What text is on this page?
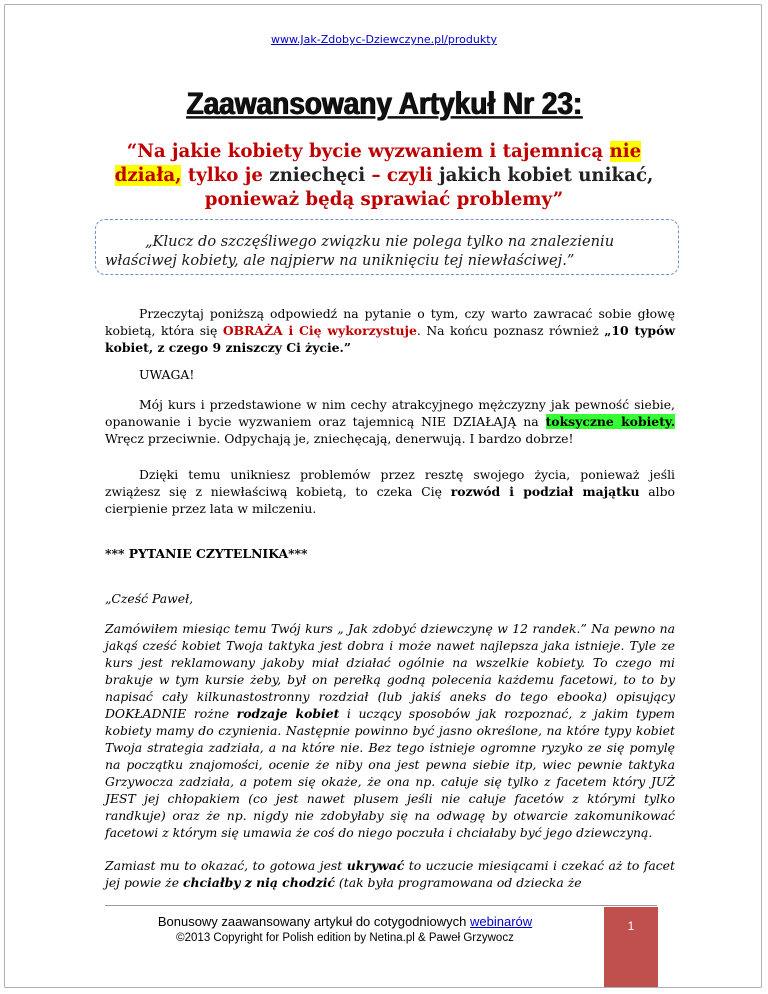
www.Jak-Zdobyc-Dziewczyne.pl/produkty
Zaawansowany Artykuł Nr 23:
“Na jakie kobiety bycie wyzwaniem i tajemnicą nie działa, tylko je zniechęci – czyli jakich kobiet unikać, ponieważ będą sprawiać problemy”
„Klucz do szczęśliwego związku nie polega tylko na znalezieniu
właściwej kobiety, ale najpierw na uniknięciu tej niewłaściwej.”
Przeczytaj poniższą odpowiedź na pytanie o tym, czy warto zawracać sobie głowę kobietą, która się OBRAŻA i Cię wykorzystuje. Na końcu poznasz również „10 typów kobiet, z czego 9 zniszczy Ci życie.”
UWAGA!
Mój kurs i przedstawione w nim cechy atrakcyjnego mężczyzny jak pewność siebie, opanowanie i bycie wyzwaniem oraz tajemnicą NIE DZIAŁAJĄ na toksyczne kobiety. Wręcz przeciwnie. Odpychają je, zniechęcają, denerwują. I bardzo dobrze!
Dzięki temu unikniesz problemów przez resztę swojego życia, ponieważ jeśli zwiążesz się z niewłaściwą kobietą, to czeka Cię rozwód i podział majątku albo cierpienie przez lata w milczeniu.
*** PYTANIE CZYTELNIKA***
„Cześć Paweł,
Zamówiłem miesiąc temu Twój kurs „ Jak zdobyć dziewczynę w 12 randek.” Na pewno na jakąś cześć kobiet Twoja taktyka jest dobra i może nawet najlepsza jaka istnieje. Tyle ze kurs jest reklamowany jakoby miał działać ogólnie na wszelkie kobiety. To czego mi brakuje w tym kursie żeby, był on perełką godną polecenia każdemu facetowi, to to by napisać cały kilkunastostronny rozdział (lub jakiś aneks do tego ebooka) opisujący DOKŁADNIE rożne rodzaje kobiet i uczący sposobów jak rozpoznać, z jakim typem kobiety mamy do czynienia. Następnie powinno być jasno określone, na które typy kobiet Twoja strategia zadziała, a na które nie. Bez tego istnieje ogromne ryzyko ze się pomylę na początku znajomości, ocenie że niby ona jest pewna siebie itp, wiec pewnie taktyka Grzywocza zadziała, a potem się okaże, że ona np. całuje się tylko z facetem który JUŻ JEST jej chłopakiem (co jest nawet plusem jeśli nie całuje facetów z którymi tylko randkuje) oraz że np. nigdy nie zdobyłaby się na odwagę by otwarcie zakomunikować facetowi z którym się umawia że coś do niego poczuła i chciałaby być jego dziewczyną.
Zamiast mu to okazać, to gotowa jest ukrywać to uczucie miesiącami i czekać aż to facet jej powie że chciałby z nią chodzić (tak była programowana od dziecka że
Bonusowy zaawansowany artykuł do cotygodniowych webinarów
©2013 Copyright for Polish edition by Netina.pl & Paweł Grzywocz
1
